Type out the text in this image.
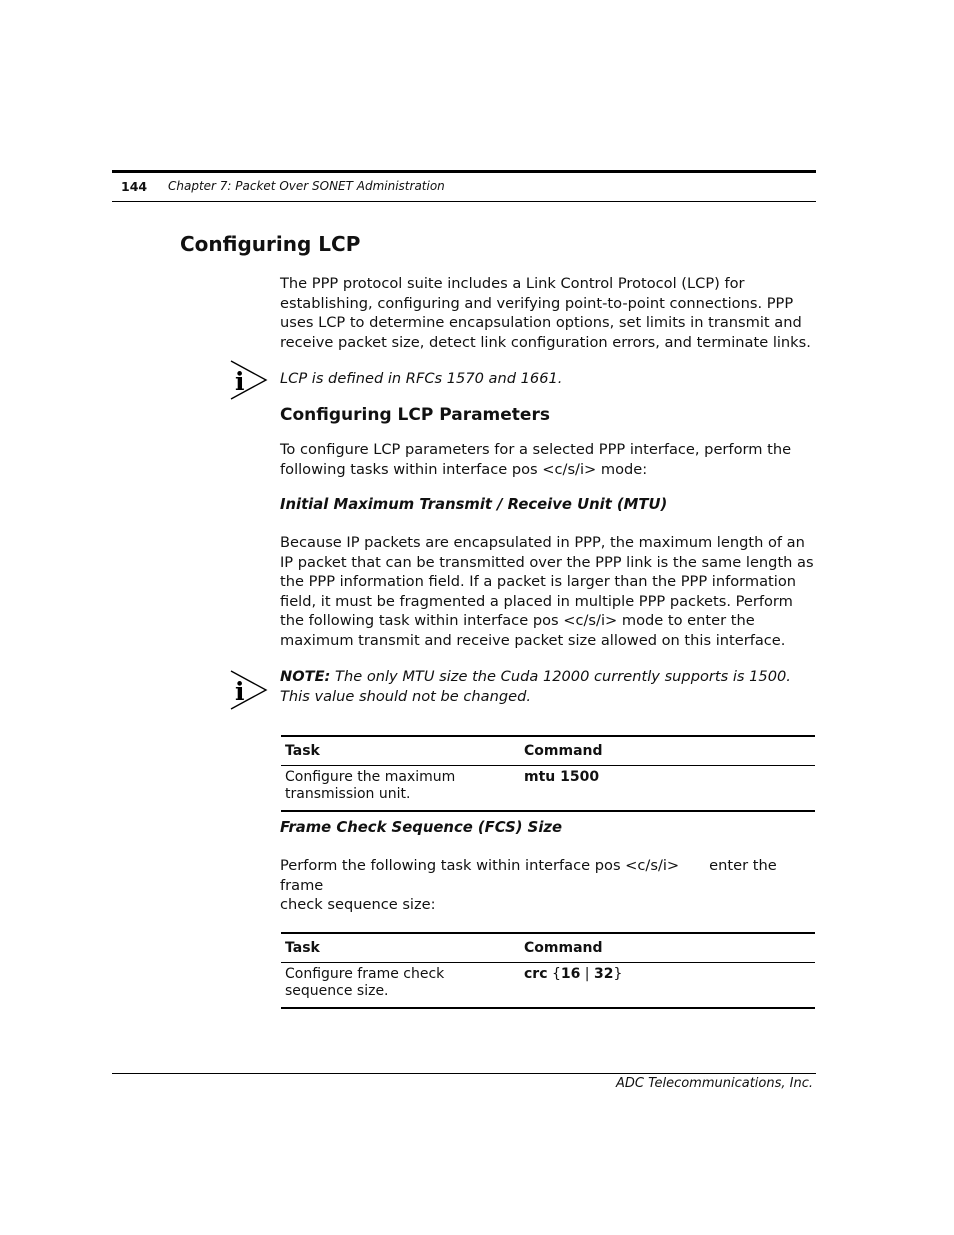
144 Chapter 7: Packet Over SONET Administration
Configuring LCP
The PPP protocol suite includes a Link Control Protocol (LCP) for establishing, configuring and verifying point-to-point connections. PPP uses LCP to determine encapsulation options, set limits in transmit and receive packet size, detect link configuration errors, and terminate links.
i LCP is defined in RFCs 1570 and 1661.
Configuring LCP Parameters
To configure LCP parameters for a selected PPP interface, perform the following tasks within interface pos <c/s/i> mode:
Initial Maximum Transmit / Receive Unit (MTU)
Because IP packets are encapsulated in PPP, the maximum length of an IP packet that can be transmitted over the PPP link is the same length as the PPP information field. If a packet is larger than the PPP information field, it must be fragmented a placed in multiple PPP packets. Perform the following task within interface pos <c/s/i> mode to enter the maximum transmit and receive packet size allowed on this interface.
i
NOTE: The only MTU size the Cuda 12000 currently supports is 1500. This value should not be changed.
Task	Command
Configure the maximum transmission unit.	mtu 1500
Frame Check Sequence (FCS) Size
Perform the following task within interface pos <c/s/i> enter the frame
check sequence size:
Task	Command
Configure frame check sequence size.	crc {16 | 32}
ADC Telecommunications, Inc.
